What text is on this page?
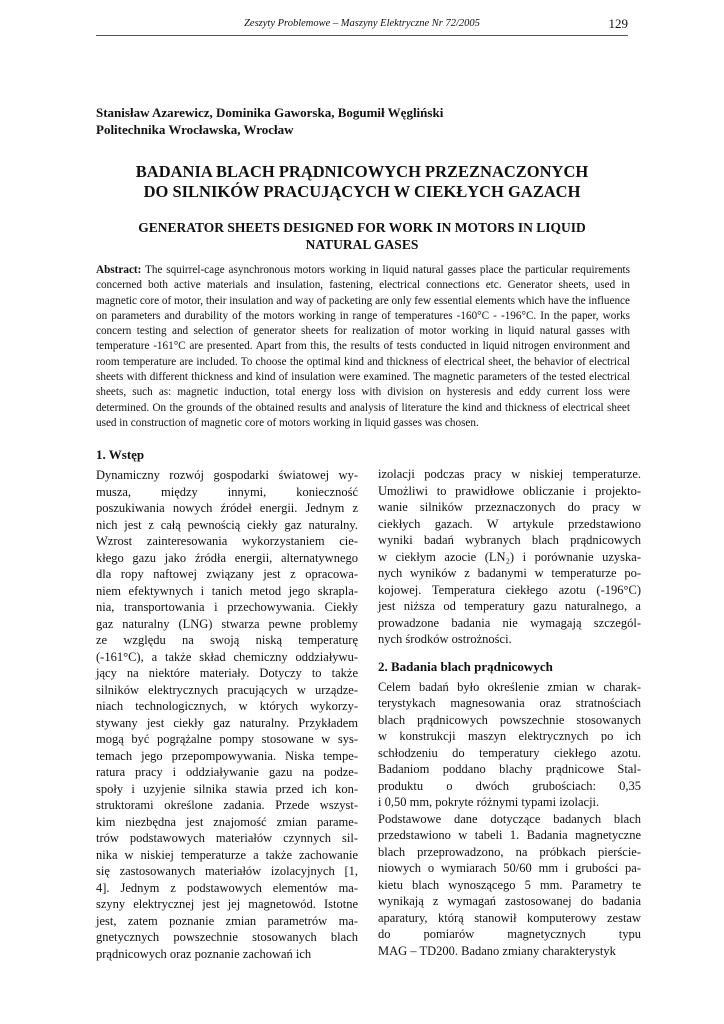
Zeszyty Problemowe – Maszyny Elektryczne Nr 72/2005	129
Stanisław Azarewicz, Dominika Gaworska, Bogumił Węgliński
Politechnika Wrocławska, Wrocław
BADANIA BLACH PRĄDNICOWYCH PRZEZNACZONYCH
DO SILNIKÓW PRACUJĄCYCH W CIEKŁYCH GAZACH
GENERATOR SHEETS DESIGNED FOR WORK IN MOTORS IN LIQUID
NATURAL GASES
Abstract: The squirrel-cage asynchronous motors working in liquid natural gasses place the particular requirements concerned both active materials and insulation, fastening, electrical connections etc. Generator sheets, used in magnetic core of motor, their insulation and way of packeting are only few essential elements which have the influence on parameters and durability of the motors working in range of temperatures -160°C - -196°C. In the paper, works concern testing and selection of generator sheets for realization of motor working in liquid natural gasses with temperature -161°C are presented. Apart from this, the results of tests conducted in liquid nitrogen environment and room temperature are included. To choose the optimal kind and thickness of electrical sheet, the behavior of electrical sheets with different thickness and kind of insulation were examined. The magnetic parameters of the tested electrical sheets, such as: magnetic induction, total energy loss with division on hysteresis and eddy current loss were determined. On the grounds of the obtained results and analysis of literature the kind and thickness of electrical sheet used in construction of magnetic core of motors working in liquid gasses was chosen.
1. Wstęp
Dynamiczny rozwój gospodarki światowej wy-
musza, między innymi, konieczność
poszukiwania nowych źródeł energii. Jednym z
nich jest z całą pewnością ciekły gaz naturalny.
Wzrost zainteresowania wykorzystaniem cie-
kłego gazu jako źródła energii, alternatywnego
dla ropy naftowej związany jest z opracowa-
niem efektywnych i tanich metod jego skrapla-
nia, transportowania i przechowywania. Ciekły
gaz naturalny (LNG) stwarza pewne problemy
ze względu na swoją niską temperaturę
(-161°C), a także skład chemiczny oddziaływu-
jący na niektóre materiały. Dotyczy to także
silników elektrycznych pracujących w urządze-
niach technologicznych, w których wykorzy-
stywany jest ciekły gaz naturalny. Przykładem
mogą być pogrążalne pompy stosowane w sys-
temach jego przepompowywania. Niska tempe-
ratura pracy i oddziaływanie gazu na podze-
społy i uzyjenie silnika stawia przed ich kon-
struktorami określone zadania. Przede wszyst-
kim niezbędna jest znajomość zmian parame-
trów podstawowych materiałów czynnych sil-
nika w niskiej temperaturze a także zachowanie
się zastosowanych materiałów izolacyjnych [1,
4]. Jednym z podstawowych elementów ma-
szyny elektrycznej jest jej magnetowód. Istotne
jest, zatem poznanie zmian parametrów ma-
gnetycznych powszechnie stosowanych blach
prądnicowych oraz poznanie zachowań ich
izolacji podczas pracy w niskiej temperaturze.
Umożliwi to prawidłowe obliczanie i projekto-
wanie silników przeznaczonych do pracy w
ciekłych gazach. W artykule przedstawiono
wyniki badań wybranych blach prądnicowych
w ciekłym azocie (LN₂) i porównanie uzyska-
nych wyników z badanymi w temperaturze po-
kojowej. Temperatura ciekłego azotu (-196°C)
jest niższa od temperatury gazu naturalnego, a
prowadzone badania nie wymagają szczegól-
nych środków ostrożności.
2. Badania blach prądnicowych
Celem badań było określenie zmian w charak-
terystykach magnesowania oraz stratnościach
blach prądnicowych powszechnie stosowanych
w konstrukcji maszyn elektrycznych po ich
schłodzeniu do temperatury ciekłego azotu.
Badaniom poddano blachy prądnicowe Stal-
produktu o dwóch grubościach: 0,35
i 0,50 mm, pokryte różnymi typami izolacji.
Podstawowe dane dotyczące badanych blach
przedstawiono w tabeli 1. Badania magnetyczne
blach przeprowadzono, na próbkach pierście-
niowych o wymiarach 50/60 mm i grubości pa-
kietu blach wynoszącego 5 mm. Parametry te
wynikają z wymagań zastosowanej do badania
aparatury, którą stanowił komputerowy zestaw
do pomiarów magnetycznych typu
MAG – TD200. Badano zmiany charakterystyk
